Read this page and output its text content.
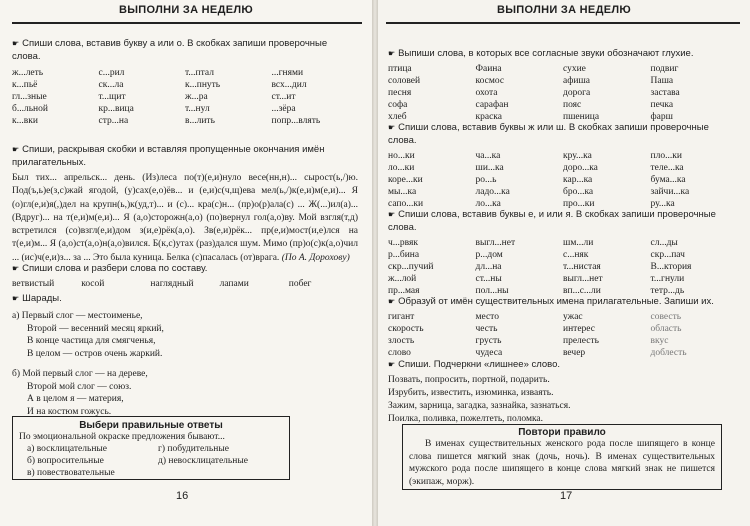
ВЫПОЛНИ ЗА НЕДЕЛЮ
☛ Спиши слова, вставив букву а или о. В скобках запиши проверочные слова.
ж...леть	с...рил	т...птал	...гнями
к...пьё	ск...ла	к...пнуть	всх...дил
гл...зные	т...щит	ж...ра	ст...ит
б...льной	кр...вица	т...нул	...зёра
к...вки	стр...на	в...лить	попр...влять
☛ Спиши, раскрывая скобки и вставляя пропущенные окончания имён прилагательных.
Был тих... апрельск... день. (Из)леса по(т)(е,и)нуло весе(нн,н)... сырост(ь,/)ю. Под(ъ,ь)е(з,с)жай ягодой, (у)сах(е,о)ёв... и (е,и)с(ч,щ)ева мел(ь,/)к(е,и)м(е,и)... Я (о)гл(е,и)я(,)дел на крупн(ь,)к(уд,т)... и (с)... кра(с)н... (пр)о(р)ала(с) ... Ж(...)ил(а)... (Вдруг)... на т(е,и)м(е,и)... Я (а,о)сторожн(а,о) (по)вернул гол(а,о)ву. Мой взгля(т,д) встретился (со)взгл(е,и)дом з(и,е)рёк(а,о). Зв(е,и)рёк... пр(е,и)мост(и,е)лся на т(е,и)м... Я (а,о)ст(а,о)н(а,о)вился. Б(к,с)утах (раз)дался шум. Мимо (пр)о(с)к(а,о)чил ... (ис)ч(е,и)з... за ... Это была куница. Белка (с)пасалась (от)врага. (По А. Дорохову)
☛ Спиши слова и разбери слова по составу.
ветвистый	косой	наглядный	лапами	побег
☛ Шарады.
а) Первый слог — местоименье,
Второй — весенний месяц яркий,
В конце частица для смягченья,
В целом — остров очень жаркий.
б) Мой первый слог — на дереве,
Второй мой слог — союз.
А в целом я — материя,
И на костюм гожусь.
Выбери правильные ответы
По эмоциональной окраске предложения бывают...
а) восклицательные	г) побудительные
б) вопросительные	д) невосклицательные
в) повествовательные
16
ВЫПОЛНИ ЗА НЕДЕЛЮ
☛ Выпиши слова, в которых все согласные звуки обозначают глухие.
птица	Фаина	сухие	подвиг
соловей	космос	афиша	Паша
песня	охота	дорога	застава
софа	сарафан	пояс	печка
хлеб	краска	пшеница	фарш
☛ Спиши слова, вставив буквы ж или ш. В скобках запиши проверочные слова.
но...ки	ча...ка	кру...ка	пло...ки
ло...ки	ши...ка	доро...ка	теле...ка
коре...ки	ро...ь	кар...ка	бума...ка
мы...ка	ладо...ка	бро...ка	зайчи...ка
сапо...ки	ло...ка	про...ки	ру...ка
☛ Спиши слова, вставив буквы е, и или я. В скобках запиши проверочные слова.
ч...рвяк	выгл...нет	шм...ли	сл...ды
р...бина	р...дом	с...няк	скр...пач
скр...пучий	дл...на	т...нистая	В...ктория
ж...лой	ст...ны	выгл...нет	т...гнули
пр...мая	пол...ны	вп...с...ли	тетр...дь
☛ Образуй от имён существительных имена прилагательные. Запиши их.
гигант	место	ужас	совесть
скорость	честь	интерес	область
злость	грусть	прелесть	вкус
слово	чудеса	вечер	доблесть
☛ Спиши. Подчеркни «лишнее» слово.
Позвать, попросить, портной, подарить.
Изрубить, известить, изюминка, изваять.
Зажим, зарница, загадка, зазнайка, зазнаться.
Поилка, поливка, пожелтеть, поломка.
Повтори правило
В именах существительных женского рода после шипящего в конце слова пишется мягкий знак (дочь, ночь). В именах существительных мужского рода после шипящего в конце слова мягкий знак не пишется (экипаж, морж).
17
